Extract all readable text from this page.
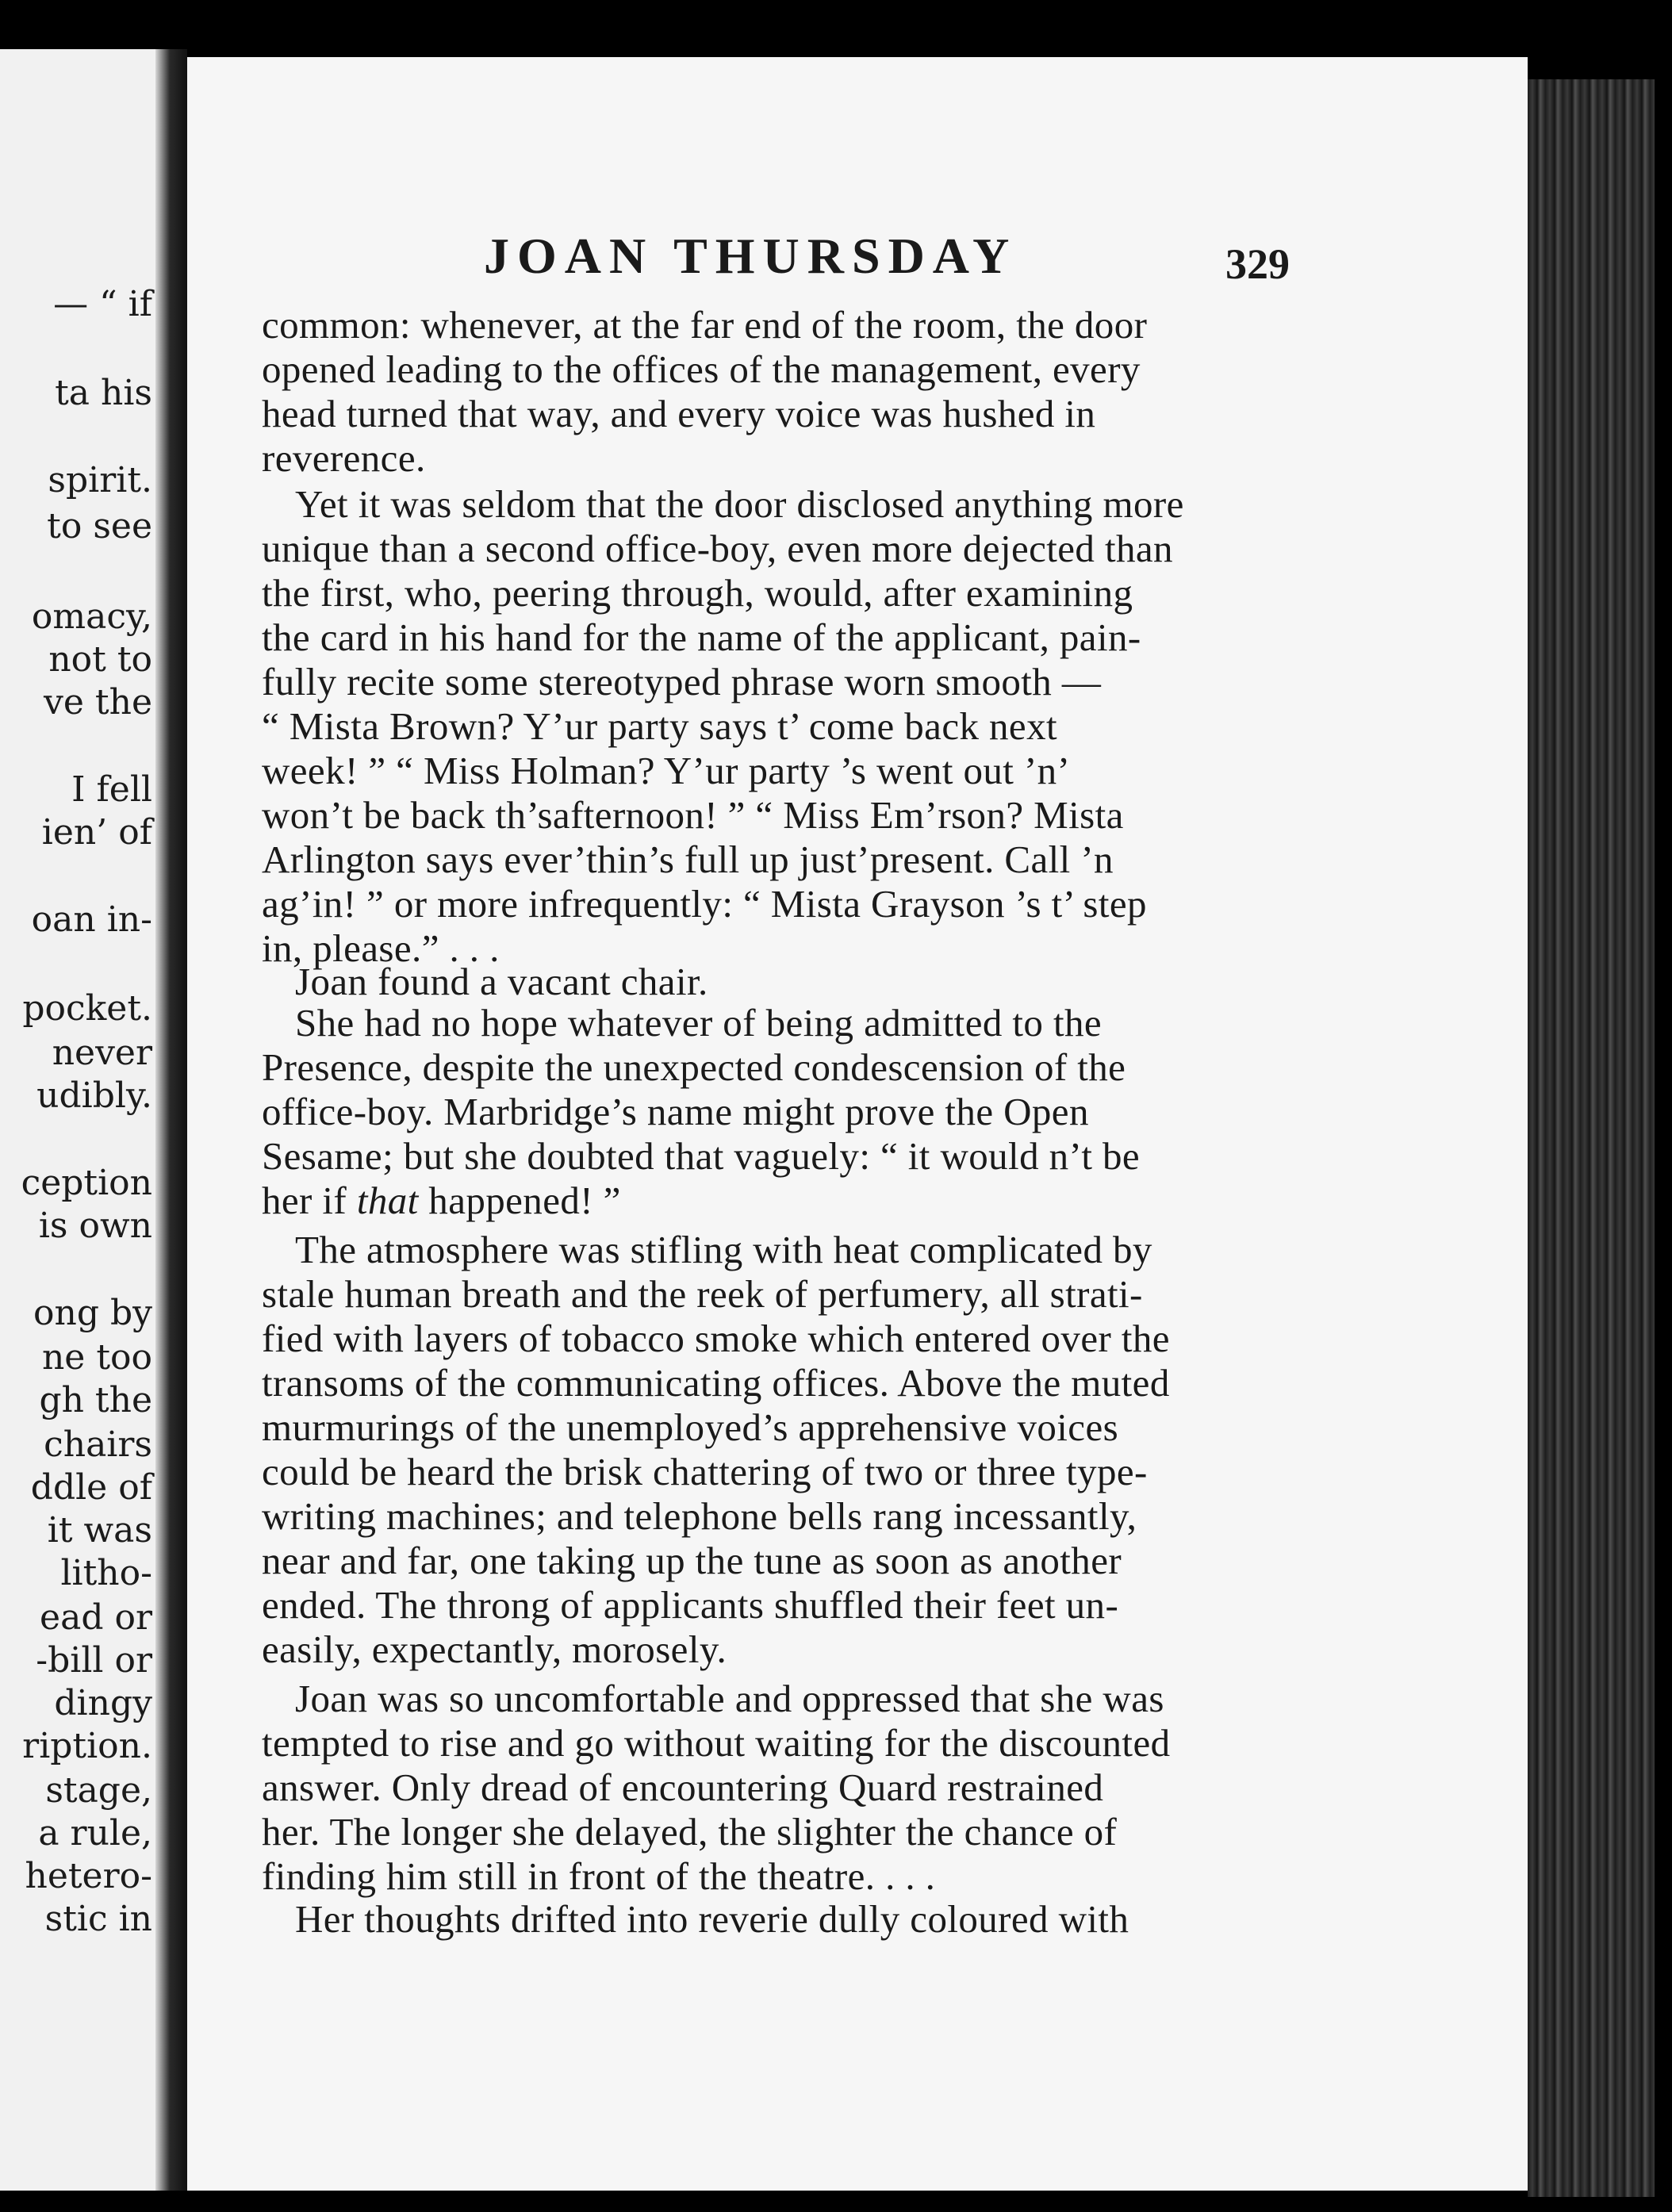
— “ if
ta his
spirit.
to see
omacy,
not to
ve the
I fell
ien’ of
oan in-
pocket.
never
udibly.
ception
is own
ong by
ne too
gh the
chairs
ddle of
it was
litho-
ead or
-bill or
dingy
ription.
stage,
a rule,
hetero-
stic in
JOAN THURSDAY	329
common: whenever, at the far end of the room, the door
opened leading to the offices of the management, every
head turned that way, and every voice was hushed in
reverence.
Yet it was seldom that the door disclosed anything more
unique than a second office-boy, even more dejected than
the first, who, peering through, would, after examining
the card in his hand for the name of the applicant, pain-
fully recite some stereotyped phrase worn smooth —
“ Mista Brown? Y’ur party says t’ come back next
week! ” “ Miss Holman? Y’ur party ’s went out ’n’
won’t be back th’safternoon! ” “ Miss Em’rson? Mista
Arlington says ever’thin’s full up just’present. Call ’n
ag’in! ” or more infrequently: “ Mista Grayson ’s t’ step
in, please.” . . .
Joan found a vacant chair.
She had no hope whatever of being admitted to the
Presence, despite the unexpected condescension of the
office-boy. Marbridge’s name might prove the Open
Sesame; but she doubted that vaguely: “ it would n’t be
her if that happened! ”
The atmosphere was stifling with heat complicated by
stale human breath and the reek of perfumery, all strati-
fied with layers of tobacco smoke which entered over the
transoms of the communicating offices. Above the muted
murmurings of the unemployed’s apprehensive voices
could be heard the brisk chattering of two or three type-
writing machines; and telephone bells rang incessantly,
near and far, one taking up the tune as soon as another
ended. The throng of applicants shuffled their feet un-
easily, expectantly, morosely.
Joan was so uncomfortable and oppressed that she was
tempted to rise and go without waiting for the discounted
answer. Only dread of encountering Quard restrained
her. The longer she delayed, the slighter the chance of
finding him still in front of the theatre. . . .
Her thoughts drifted into reverie dully coloured with
